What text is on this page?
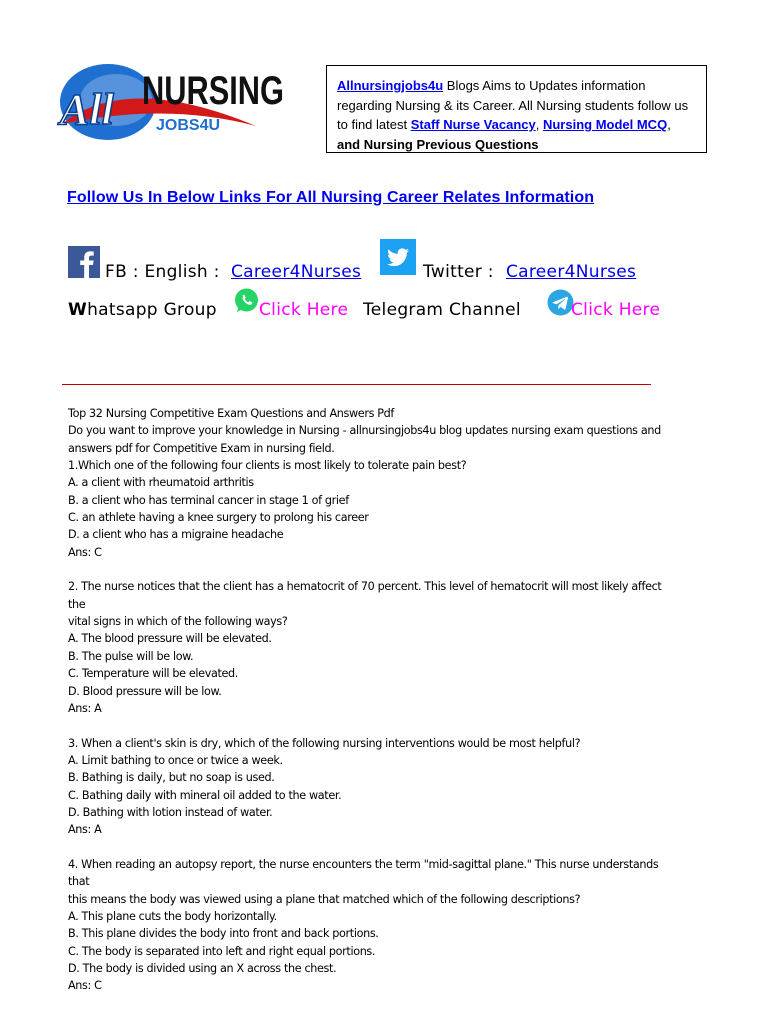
All NURSING
JOBS4U
Allnursingjobs4u Blogs Aims to Updates information
regarding Nursing & its Career. All Nursing students follow us
to find latest Staff Nurse Vacancy, Nursing Model MCQ,
and Nursing Previous Questions
Follow Us In Below Links For All Nursing Career Relates Information
FB : English : Career4Nurses	Twitter : Career4Nurses
Whatsapp Group Click Here Telegram Channel	Click Here
Top 32 Nursing Competitive Exam Questions and Answers Pdf
Do you want to improve your knowledge in Nursing - allnursingjobs4u blog updates nursing exam questions and
answers pdf for Competitive Exam in nursing field.
1.Which one of the following four clients is most likely to tolerate pain best?
A. a client with rheumatoid arthritis
B. a client who has terminal cancer in stage 1 of grief
C. an athlete having a knee surgery to prolong his career
D. a client who has a migraine headache
Ans: C
2. The nurse notices that the client has a hematocrit of 70 percent. This level of hematocrit will most likely affect
the
vital signs in which of the following ways?
A. The blood pressure will be elevated.
B. The pulse will be low.
C. Temperature will be elevated.
D. Blood pressure will be low.
Ans: A
3. When a client's skin is dry, which of the following nursing interventions would be most helpful?
A. Limit bathing to once or twice a week.
B. Bathing is daily, but no soap is used.
C. Bathing daily with mineral oil added to the water.
D. Bathing with lotion instead of water.
Ans: A
4. When reading an autopsy report, the nurse encounters the term "mid-sagittal plane." This nurse understands
that
this means the body was viewed using a plane that matched which of the following descriptions?
A. This plane cuts the body horizontally.
B. This plane divides the body into front and back portions.
C. The body is separated into left and right equal portions.
D. The body is divided using an X across the chest.
Ans: C
